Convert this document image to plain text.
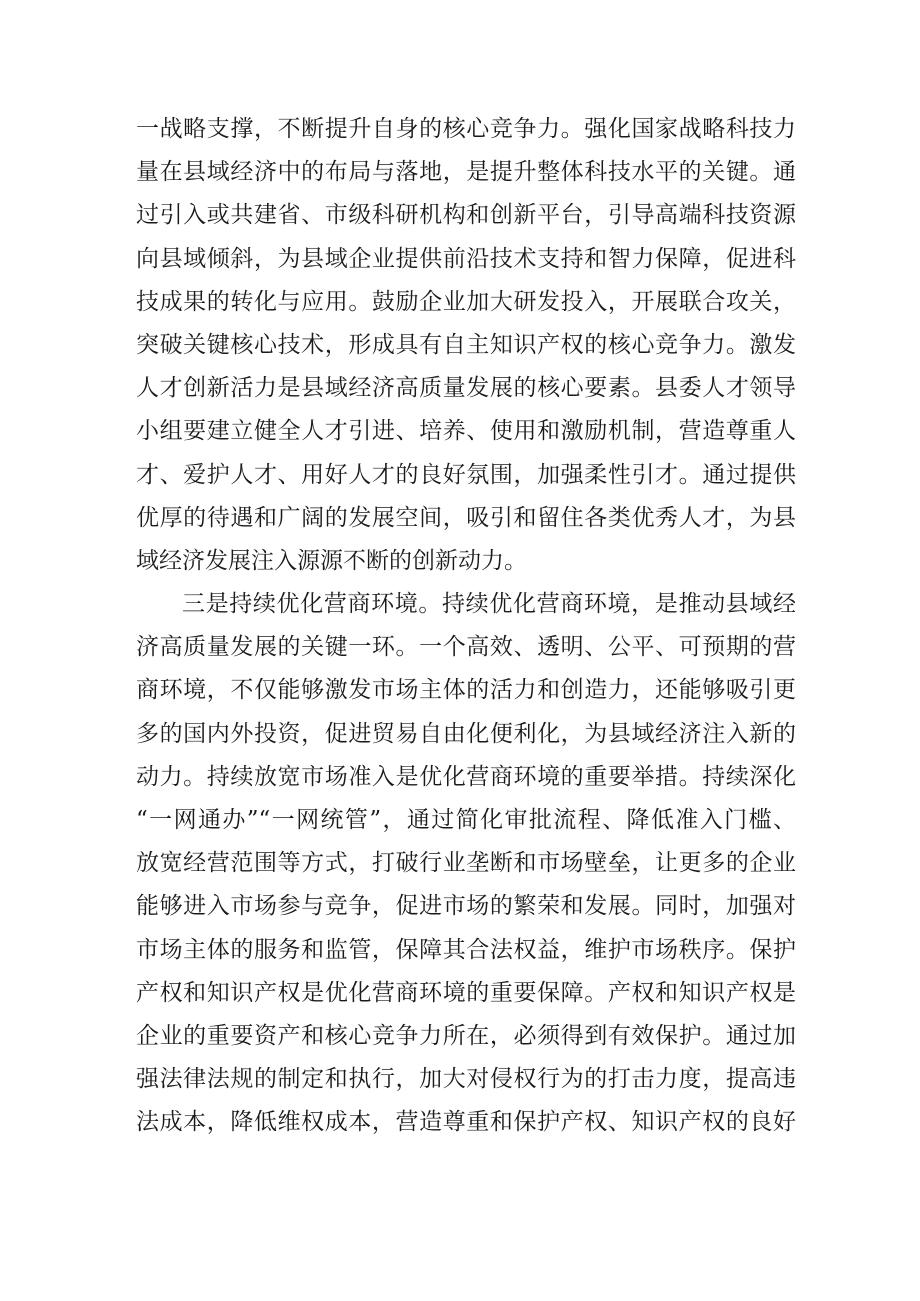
一战略支撑，不断提升自身的核心竞争力。强化国家战略科技力
量在县域经济中的布局与落地，是提升整体科技水平的关键。通
过引入或共建省、市级科研机构和创新平台，引导高端科技资源
向县域倾斜，为县域企业提供前沿技术支持和智力保障，促进科
技成果的转化与应用。鼓励企业加大研发投入，开展联合攻关，
突破关键核心技术，形成具有自主知识产权的核心竞争力。激发
人才创新活力是县域经济高质量发展的核心要素。县委人才领导
小组要建立健全人才引进、培养、使用和激励机制，营造尊重人
才、爱护人才、用好人才的良好氛围，加强柔性引才。通过提供
优厚的待遇和广阔的发展空间，吸引和留住各类优秀人才，为县
域经济发展注入源源不断的创新动力。
三是持续优化营商环境。持续优化营商环境，是推动县域经
济高质量发展的关键一环。一个高效、透明、公平、可预期的营
商环境，不仅能够激发市场主体的活力和创造力，还能够吸引更
多的国内外投资，促进贸易自由化便利化，为县域经济注入新的
动力。持续放宽市场准入是优化营商环境的重要举措。持续深化
“一网通办”“一网统管”，通过简化审批流程、降低准入门槛、
放宽经营范围等方式，打破行业垄断和市场壁垒，让更多的企业
能够进入市场参与竞争，促进市场的繁荣和发展。同时，加强对
市场主体的服务和监管，保障其合法权益，维护市场秩序。保护
产权和知识产权是优化营商环境的重要保障。产权和知识产权是
企业的重要资产和核心竞争力所在，必须得到有效保护。通过加
强法律法规的制定和执行，加大对侵权行为的打击力度，提高违
法成本，降低维权成本，营造尊重和保护产权、知识产权的良好
